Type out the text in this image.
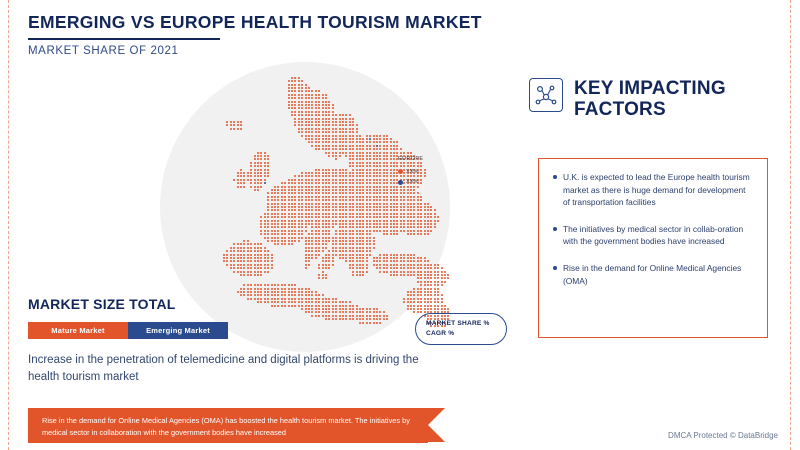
EMERGING VS EUROPE HEALTH TOURISM MARKET
MARKET SHARE OF 2021
EUROPE
XX%
XX%
MARKET SIZE TOTAL
Mature Market	Emerging Market
Increase in the penetration of telemedicine and digital platforms is driving the health tourism market
MARKET SHARE %
CAGR %
Rise in the demand for Online Medical Agencies (OMA) has boosted the health tourism market. The initiatives by medical sector in collaboration with the government bodies have increased
KEY IMPACTING
FACTORS
U.K. is expected to lead the Europe health tourism market as there is huge demand for development of transportation facilities
The initiatives by medical sector in collab-oration with the government bodies have increased
Rise in the demand for Online Medical Agencies (OMA)
DMCA Protected © DataBridge
